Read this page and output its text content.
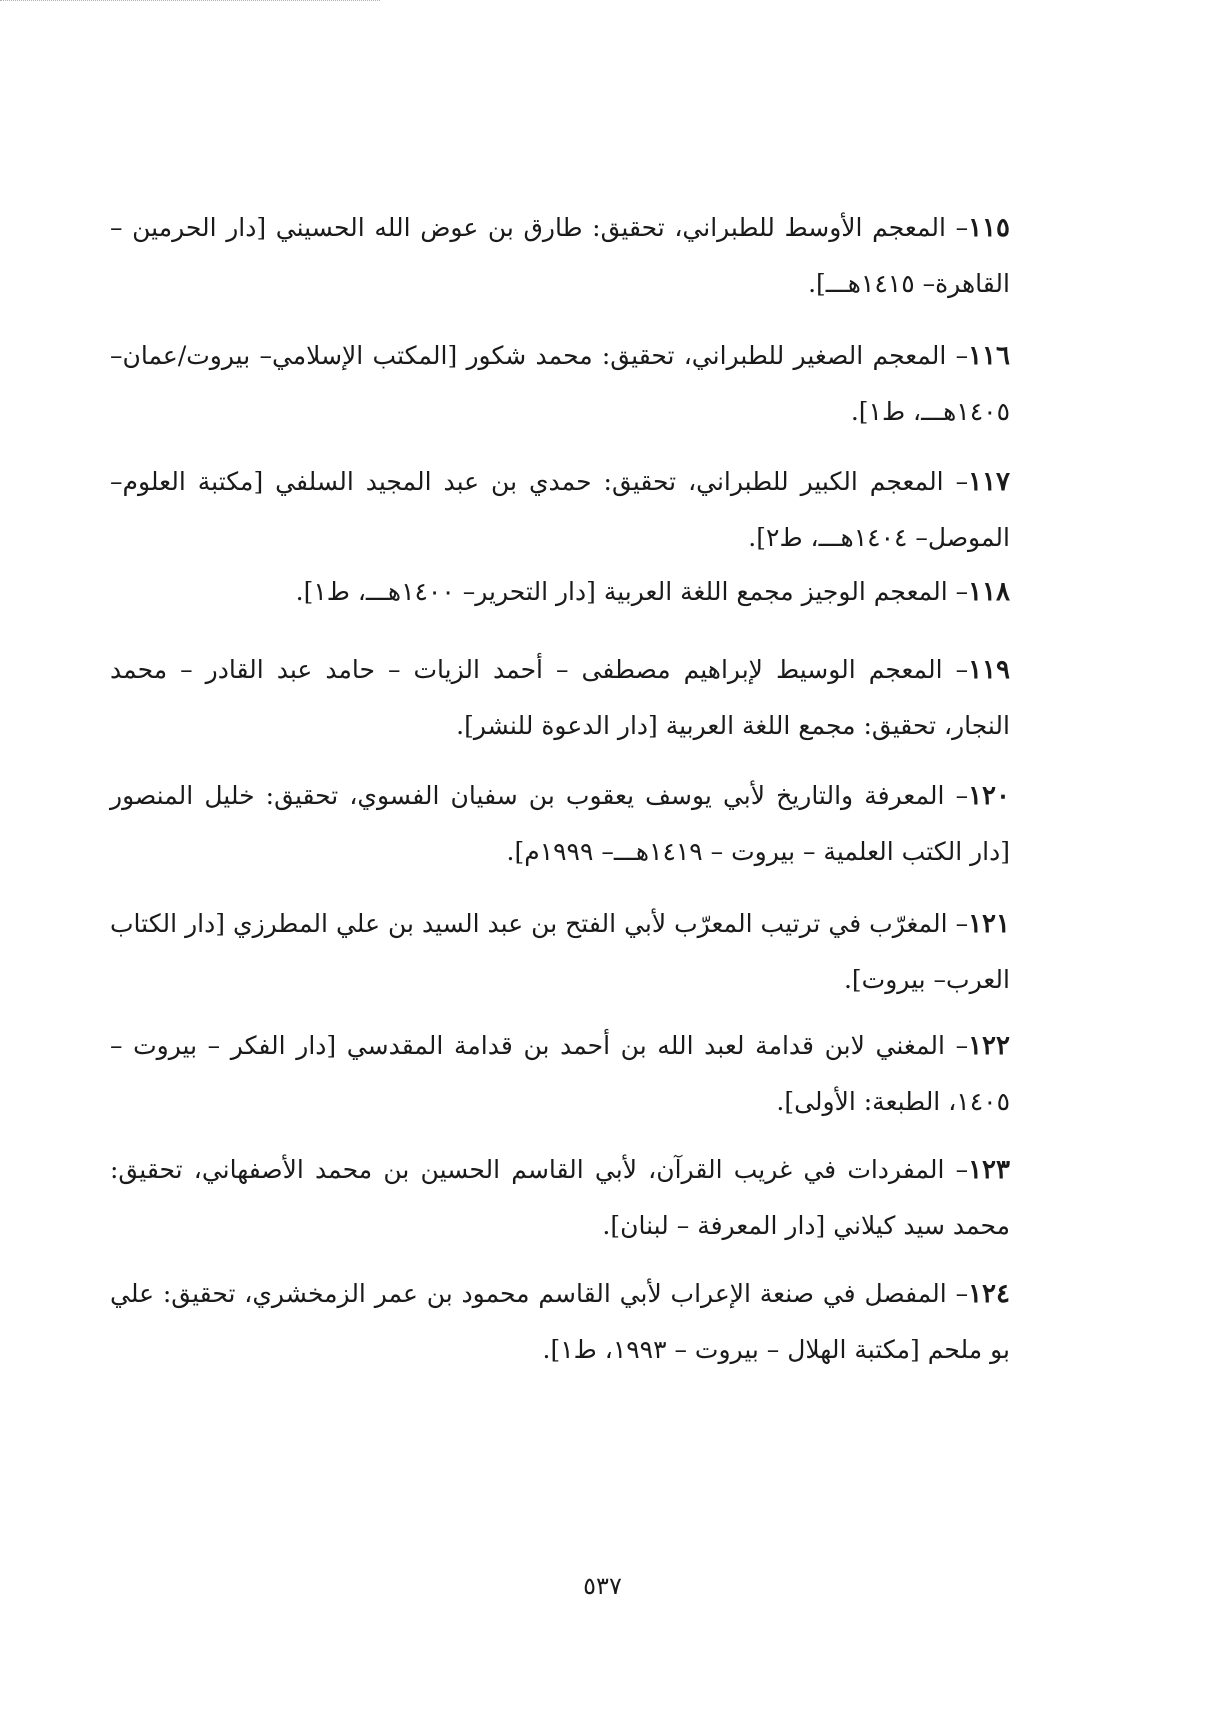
١١٥– المعجم الأوسط للطبراني، تحقيق: طارق بن عوض الله الحسيني [دار الحرمين – القاهرة– ١٤١٥هـــ].

١١٦– المعجم الصغير للطبراني، تحقيق: محمد شكور [المكتب الإسلامي– بيروت/عمان– ١٤٠٥هـــ، ط١].

١١٧– المعجم الكبير للطبراني، تحقيق: حمدي بن عبد المجيد السلفي [مكتبة العلوم– الموصل– ١٤٠٤هـــ، ط٢].

١١٨– المعجم الوجيز مجمع اللغة العربية [دار التحرير– ١٤٠٠هـــ، ط١].

١١٩– المعجم الوسيط لإبراهيم مصطفى – أحمد الزيات – حامد عبد القادر – محمد النجار، تحقيق: مجمع اللغة العربية [دار الدعوة للنشر].

١٢٠– المعرفة والتاريخ لأبي يوسف يعقوب بن سفيان الفسوي، تحقيق: خليل المنصور [دار الكتب العلمية – بيروت – ١٤١٩هـــ– ١٩٩٩م].

١٢١– المغرّب في ترتيب المعرّب لأبي الفتح بن عبد السيد بن علي المطرزي [دار الكتاب العرب– بيروت].

١٢٢– المغني لابن قدامة لعبد الله بن أحمد بن قدامة المقدسي [دار الفكر – بيروت – ١٤٠٥، الطبعة: الأولى].

١٢٣– المفردات في غريب القرآن، لأبي القاسم الحسين بن محمد الأصفهاني، تحقيق: محمد سيد كيلاني [دار المعرفة – لبنان].

١٢٤– المفصل في صنعة الإعراب لأبي القاسم محمود بن عمر الزمخشري، تحقيق: علي بو ملحم [مكتبة الهلال – بيروت – ١٩٩٣، ط١].

٥٣٧
